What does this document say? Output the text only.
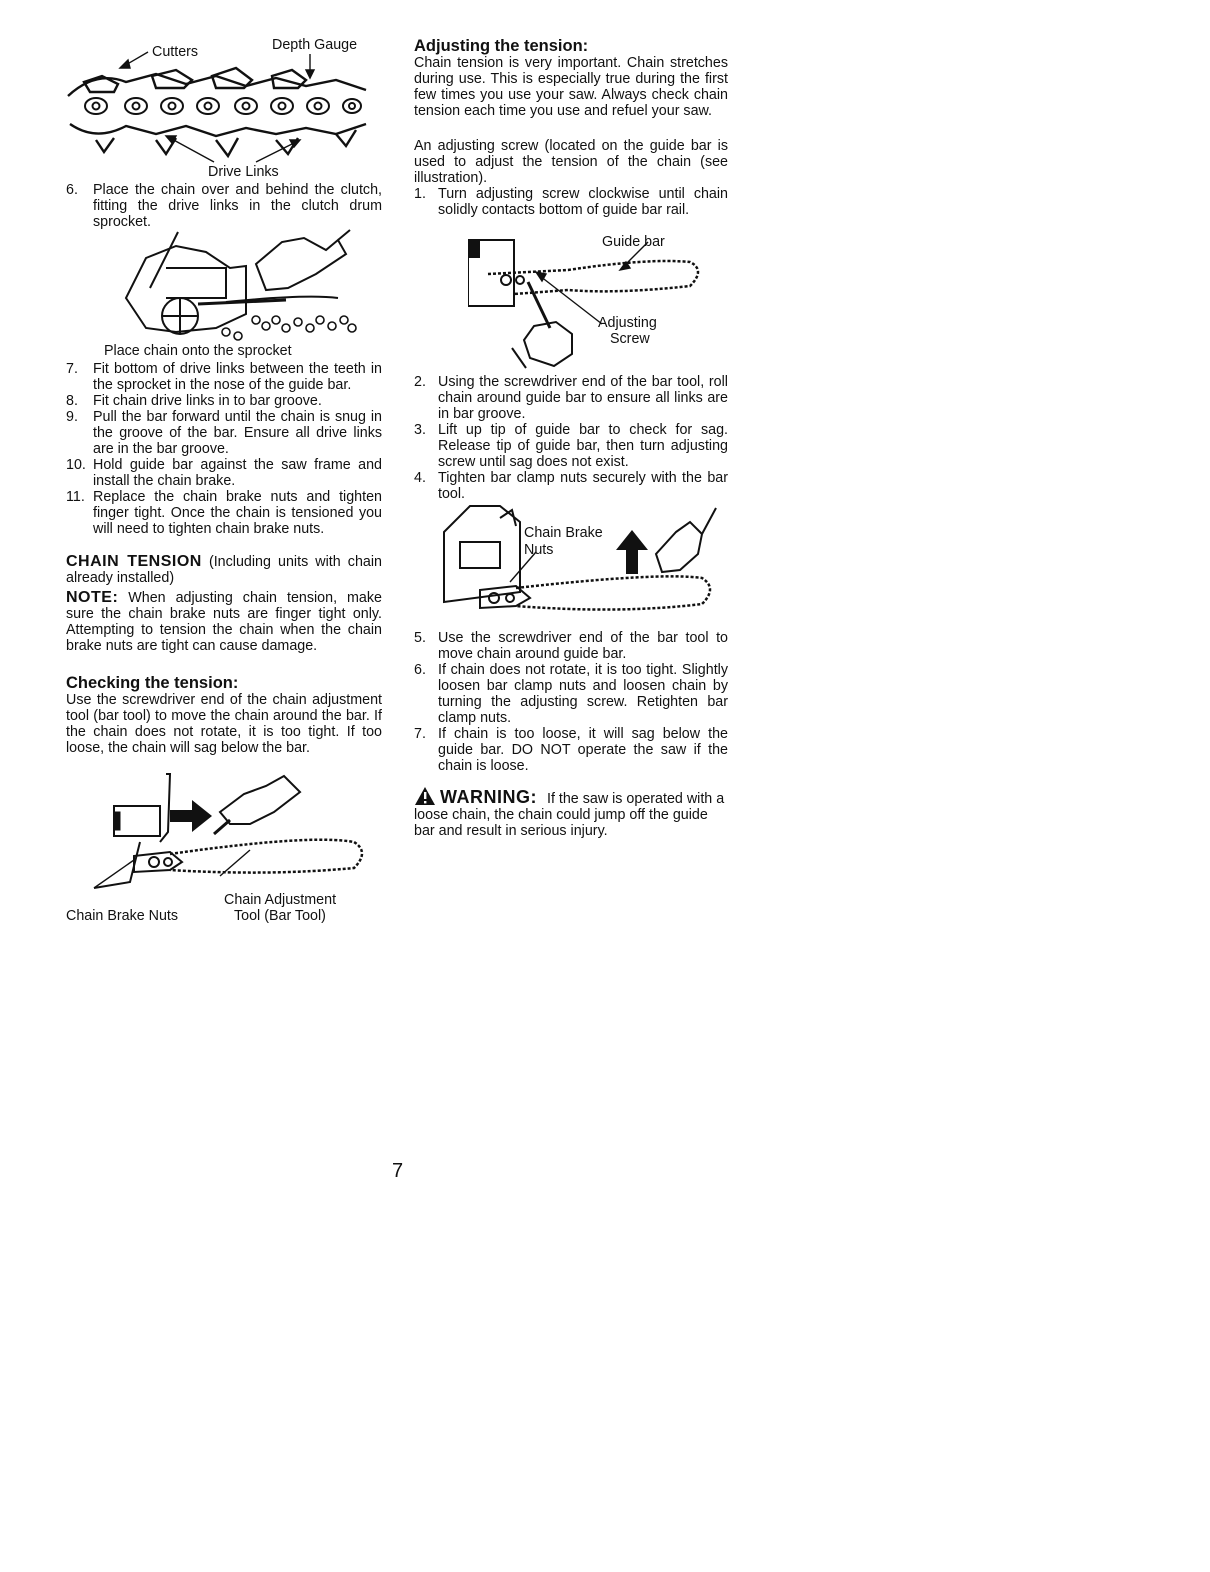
Cutters	Depth Gauge
Drive Links
6.	Place the chain over and behind the clutch, fitting the drive links in the clutch drum sprocket.
Place chain onto the sprocket
7.	Fit bottom of drive links between the teeth in the sprocket in the nose of the guide bar.
8.	Fit chain drive links in to bar groove.
9.	Pull the bar forward until the chain is snug in the groove of the bar. Ensure all drive links are in the bar groove.
10. Hold guide bar against the saw frame and install the chain brake.
11. Replace the chain brake nuts and tighten finger tight. Once the chain is tensioned you will need to tighten chain brake nuts.
CHAIN TENSION (Including units with chain already installed)
NOTE: When adjusting chain tension, make sure the chain brake nuts are finger tight only. Attempting to tension the chain when the chain brake nuts are tight can cause damage.
Checking the tension:
Use the screwdriver end of the chain adjustment tool (bar tool) to move the chain around the bar. If the chain does not rotate, it is too tight. If too loose, the chain will sag below the bar.
Chain Adjustment
Chain Brake Nuts	Tool (Bar Tool)
Adjusting the tension:
Chain tension is very important. Chain stretches during use. This is especially true during the first few times you use your saw. Always check chain tension each time you use and refuel your saw.
An adjusting screw (located on the guide bar is used to adjust the tension of the chain (see illustration).
1. Turn adjusting screw clockwise until chain solidly contacts bottom of guide bar rail.
Guide bar
Adjusting
Screw
2. Using the screwdriver end of the bar tool, roll chain around guide bar to ensure all links are in bar groove.
3. Lift up tip of guide bar to check for sag. Release tip of guide bar, then turn adjusting screw until sag does not exist.
4. Tighten bar clamp nuts securely with the bar tool.
Chain Brake
Nuts
5. Use the screwdriver end of the bar tool to move chain around guide bar.
6. If chain does not rotate, it is too tight. Slightly loosen bar clamp nuts and loosen chain by turning the adjusting screw. Retighten bar clamp nuts.
7. If chain is too loose, it will sag below the guide bar. DO NOT operate the saw if the chain is loose.
WARNING: If the saw is operated with a loose chain, the chain could jump off the guide bar and result in serious injury.
7
